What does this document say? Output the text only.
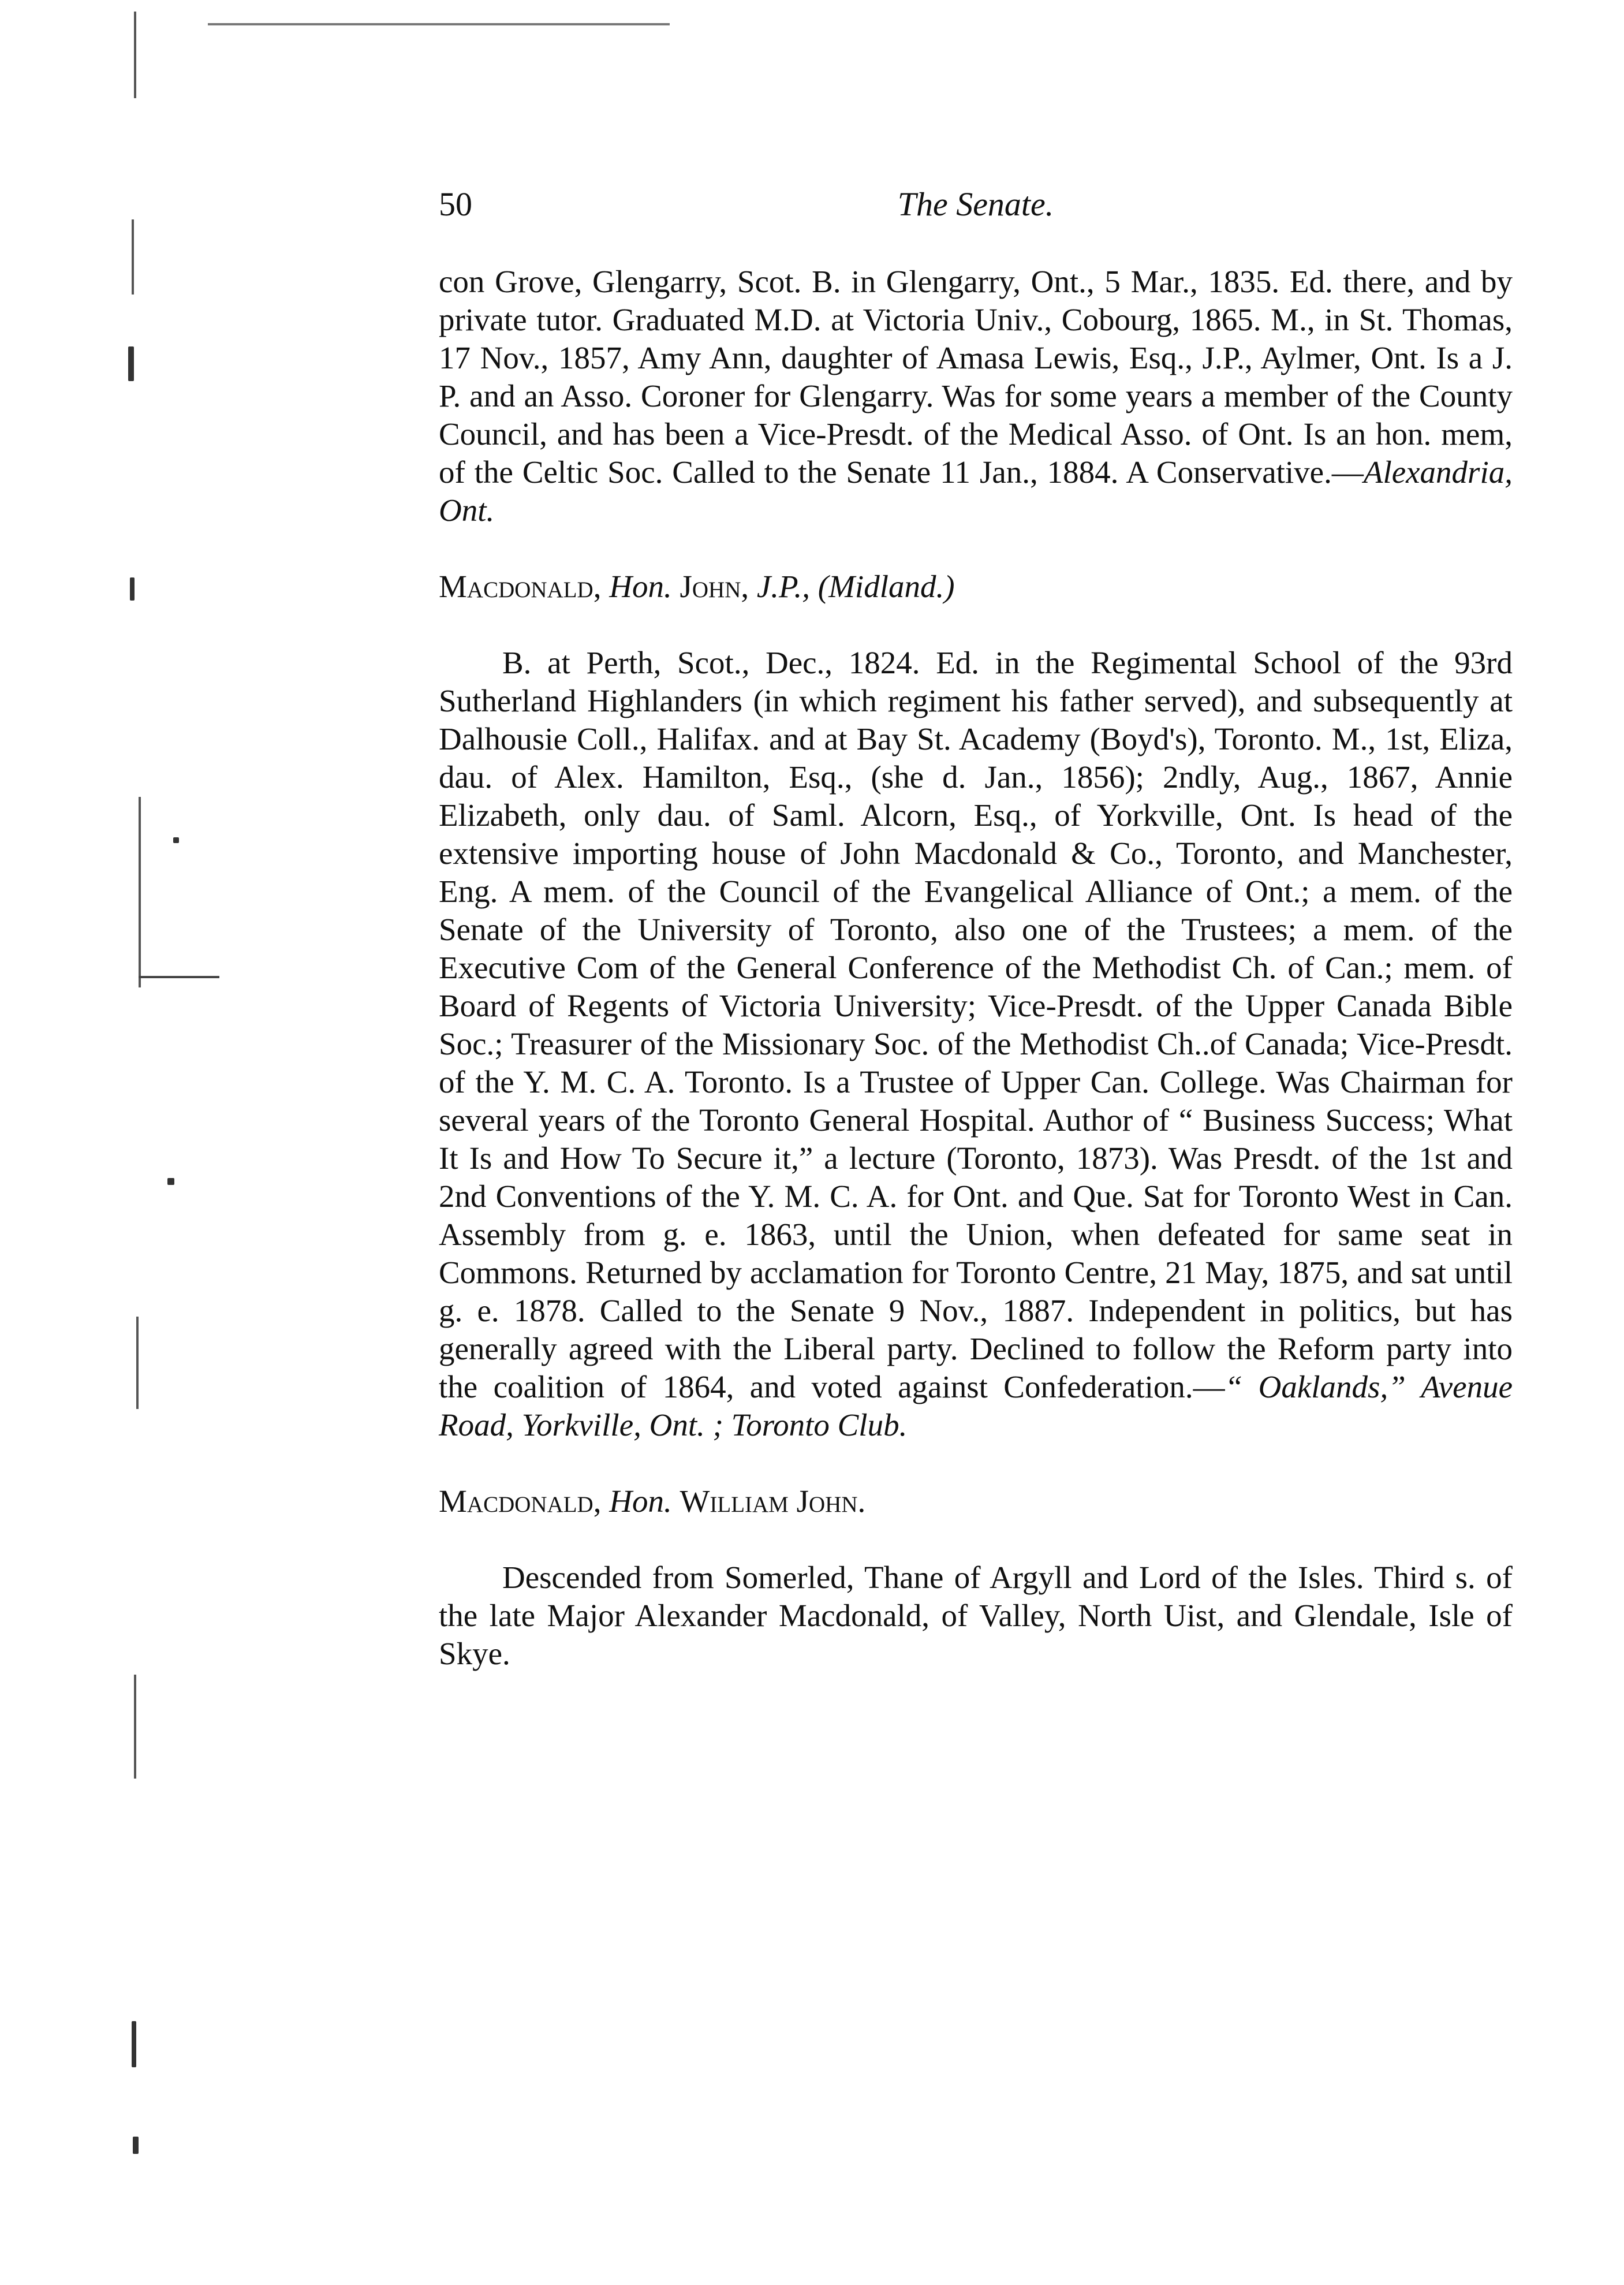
50	The Senate.

con Grove, Glengarry, Scot. B. in Glengarry, Ont., 5 Mar., 1835. Ed. there, and by private tutor. Graduated M.D. at Victoria Univ., Cobourg, 1865. M., in St. Thomas, 17 Nov., 1857, Amy Ann, daughter of Amasa Lewis, Esq., J.P., Aylmer, Ont. Is a J. P. and an Asso. Coroner for Glengarry. Was for some years a member of the County Council, and has been a Vice-Presdt. of the Medical Asso. of Ont. Is an hon. mem, of the Celtic Soc. Called to the Senate 11 Jan., 1884. A Conservative.—Alexandria, Ont.

Macdonald, Hon. John, J.P., (Midland.)

B. at Perth, Scot., Dec., 1824. Ed. in the Regimental School of the 93rd Sutherland Highlanders (in which regiment his father served), and subsequently at Dalhousie Coll., Halifax. and at Bay St. Academy (Boyd's), Toronto. M., 1st, Eliza, dau. of Alex. Hamilton, Esq., (she d. Jan., 1856); 2ndly, Aug., 1867, Annie Elizabeth, only dau. of Saml. Alcorn, Esq., of Yorkville, Ont. Is head of the extensive importing house of John Macdonald & Co., Toronto, and Manchester, Eng. A mem. of the Council of the Evangelical Alliance of Ont.; a mem. of the Senate of the University of Toronto, also one of the Trustees; a mem. of the Executive Com of the General Conference of the Methodist Ch. of Can.; mem. of Board of Regents of Victoria University; Vice-Presdt. of the Upper Canada Bible Soc.; Treasurer of the Missionary Soc. of the Methodist Ch..of Canada; Vice-Presdt. of the Y. M. C. A. Toronto. Is a Trustee of Upper Can. College. Was Chairman for several years of the Toronto General Hospital. Author of “ Business Success; What It Is and How To Secure it,” a lecture (Toronto, 1873). Was Presdt. of the 1st and 2nd Conventions of the Y. M. C. A. for Ont. and Que. Sat for Toronto West in Can. Assembly from g. e. 1863, until the Union, when defeated for same seat in Commons. Returned by acclamation for Toronto Centre, 21 May, 1875, and sat until g. e. 1878. Called to the Senate 9 Nov., 1887. Independent in politics, but has generally agreed with the Liberal party. Declined to follow the Reform party into the coalition of 1864, and voted against Confederation.—“ Oaklands,” Avenue Road, Yorkville, Ont. ; Toronto Club.

Macdonald, Hon. William John.

Descended from Somerled, Thane of Argyll and Lord of the Isles. Third s. of the late Major Alexander Macdonald, of Valley, North Uist, and Glendale, Isle of Skye.
